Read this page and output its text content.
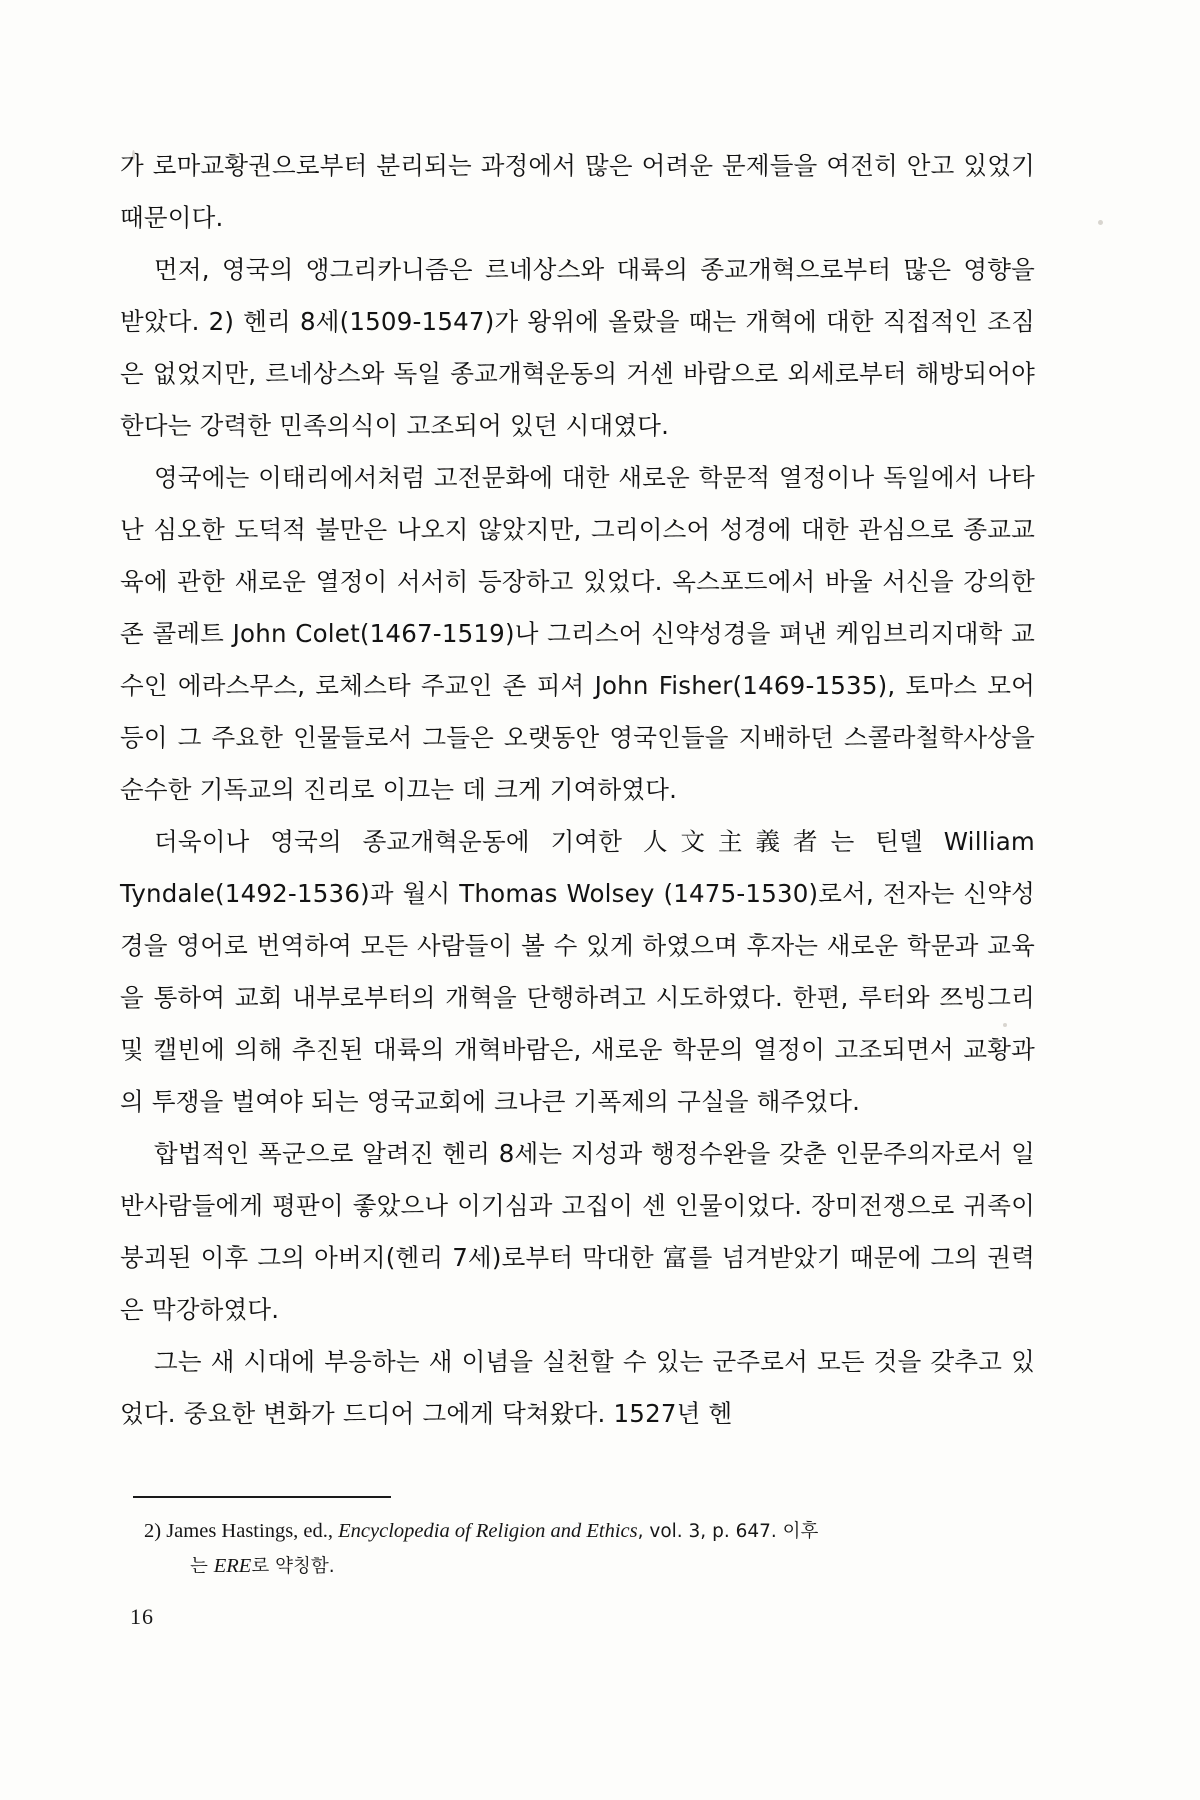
가 로마교황권으로부터 분리되는 과정에서 많은 어려운 문제들을 여전히 안고 있었기 때문이다.

먼저, 영국의 앵그리카니즘은 르네상스와 대륙의 종교개혁으로부터 많은 영향을 받았다. 2) 헨리 8세(1509-1547)가 왕위에 올랐을 때는 개혁에 대한 직접적인 조짐은 없었지만, 르네상스와 독일 종교개혁운동의 거센 바람으로 외세로부터 해방되어야 한다는 강력한 민족의식이 고조되어 있던 시대였다.

영국에는 이태리에서처럼 고전문화에 대한 새로운 학문적 열정이나 독일에서 나타난 심오한 도덕적 불만은 나오지 않았지만, 그리이스어 성경에 대한 관심으로 종교교육에 관한 새로운 열정이 서서히 등장하고 있었다. 옥스포드에서 바울 서신을 강의한 존 콜레트 John Colet(1467-1519)나 그리스어 신약성경을 펴낸 케임브리지대학 교수인 에라스무스, 로체스타 주교인 존 피셔 John Fisher(1469-1535), 토마스 모어 등이 그 주요한 인물들로서 그들은 오랫동안 영국인들을 지배하던 스콜라철학사상을 순수한 기독교의 진리로 이끄는 데 크게 기여하였다.

더욱이나 영국의 종교개혁운동에 기여한 人文主義者는 틴델 William Tyndale(1492-1536)과 월시 Thomas Wolsey (1475-1530)로서, 전자는 신약성경을 영어로 번역하여 모든 사람들이 볼 수 있게 하였으며 후자는 새로운 학문과 교육을 통하여 교회 내부로부터의 개혁을 단행하려고 시도하였다. 한편, 루터와 쯔빙그리 및 캘빈에 의해 추진된 대륙의 개혁바람은, 새로운 학문의 열정이 고조되면서 교황과의 투쟁을 벌여야 되는 영국교회에 크나큰 기폭제의 구실을 해주었다.

합법적인 폭군으로 알려진 헨리 8세는 지성과 행정수완을 갖춘 인문주의자로서 일반사람들에게 평판이 좋았으나 이기심과 고집이 센 인물이었다. 장미전쟁으로 귀족이 붕괴된 이후 그의 아버지(헨리 7세)로부터 막대한 富를 넘겨받았기 때문에 그의 권력은 막강하였다.

그는 새 시대에 부응하는 새 이념을 실천할 수 있는 군주로서 모든 것을 갖추고 있었다. 중요한 변화가 드디어 그에게 닥쳐왔다. 1527년 헨

2) James Hastings, ed., Encyclopedia of Religion and Ethics, vol. 3, p. 647. 이후
는 ERE로 약칭함.
16
